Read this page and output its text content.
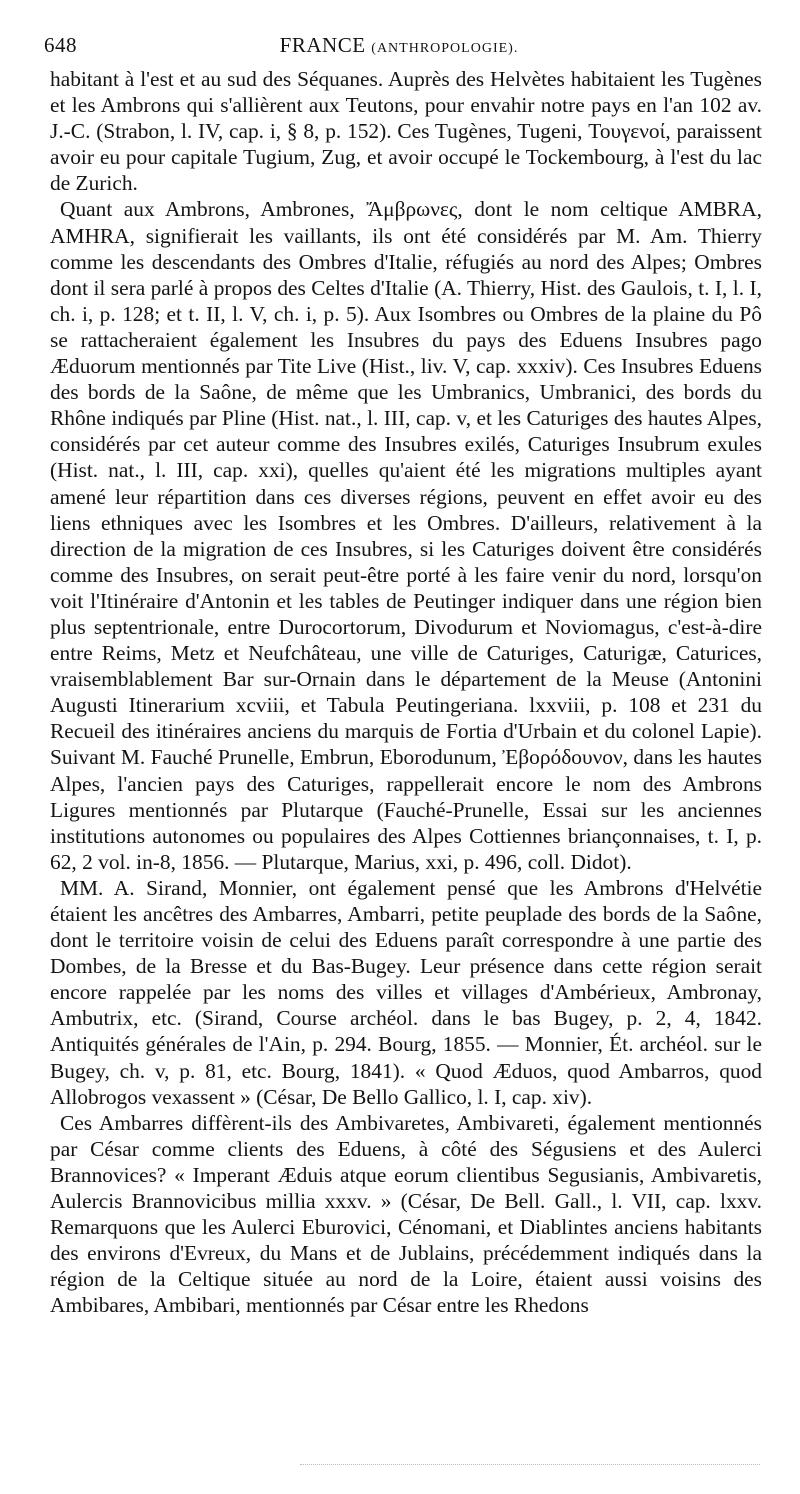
648	FRANCE (ANTHROPOLOGIE).

habitant à l'est et au sud des Séquanes. Auprès des Helvètes habitaient les Tugènes et les Ambrons qui s'allièrent aux Teutons, pour envahir notre pays en l'an 102 av. J.-C. (Strabon, l. IV, cap. i, § 8, p. 152). Ces Tugènes, Tugeni, Τουγενοί, paraissent avoir eu pour capitale Tugium, Zug, et avoir occupé le Tockembourg, à l'est du lac de Zurich.

Quant aux Ambrons, Ambrones, Ἄμβρωνες, dont le nom celtique AMBRA, AMHRA, signifierait les vaillants, ils ont été considérés par M. Am. Thierry comme les descendants des Ombres d'Italie, réfugiés au nord des Alpes; Ombres dont il sera parlé à propos des Celtes d'Italie (A. Thierry, Hist. des Gaulois, t. I, l. I, ch. i, p. 128; et t. II, l. V, ch. i, p. 5). Aux Isombres ou Ombres de la plaine du Pô se rattacheraient également les Insubres du pays des Eduens Insubres pago Æduorum mentionnés par Tite Live (Hist., liv. V, cap. xxxiv). Ces Insubres Eduens des bords de la Saône, de même que les Umbranics, Umbranici, des bords du Rhône indiqués par Pline (Hist. nat., l. III, cap. v, et les Caturiges des hautes Alpes, considérés par cet auteur comme des Insubres exilés, Caturiges Insubrum exules (Hist. nat., l. III, cap. xxi), quelles qu'aient été les migrations multiples ayant amené leur répartition dans ces diverses régions, peuvent en effet avoir eu des liens ethniques avec les Isombres et les Ombres. D'ailleurs, relativement à la direction de la migration de ces Insubres, si les Caturiges doivent être considérés comme des Insubres, on serait peut-être porté à les faire venir du nord, lorsqu'on voit l'Itinéraire d'Antonin et les tables de Peutinger indiquer dans une région bien plus septentrionale, entre Durocortorum, Divodurum et Noviomagus, c'est-à-dire entre Reims, Metz et Neufchâteau, une ville de Caturiges, Caturigæ, Caturices, vraisemblablement Bar sur-Ornain dans le département de la Meuse (Antonini Augusti Itinerarium xcviii, et Tabula Peutingeriana. lxxviii, p. 108 et 231 du Recueil des itinéraires anciens du marquis de Fortia d'Urbain et du colonel Lapie). Suivant M. Fauché Prunelle, Embrun, Eborodunum, Ἐβορόδουνον, dans les hautes Alpes, l'ancien pays des Caturiges, rappellerait encore le nom des Ambrons Ligures mentionnés par Plutarque (Fauché-Prunelle, Essai sur les anciennes institutions autonomes ou populaires des Alpes Cottiennes briançonnaises, t. I, p. 62, 2 vol. in-8, 1856. — Plutarque, Marius, xxi, p. 496, coll. Didot).

MM. A. Sirand, Monnier, ont également pensé que les Ambrons d'Helvétie étaient les ancêtres des Ambarres, Ambarri, petite peuplade des bords de la Saône, dont le territoire voisin de celui des Eduens paraît correspondre à une partie des Dombes, de la Bresse et du Bas-Bugey. Leur présence dans cette région serait encore rappelée par les noms des villes et villages d'Ambérieux, Ambronay, Ambutrix, etc. (Sirand, Course archéol. dans le bas Bugey, p. 2, 4, 1842. Antiquités générales de l'Ain, p. 294. Bourg, 1855. — Monnier, Ét. archéol. sur le Bugey, ch. v, p. 81, etc. Bourg, 1841). « Quod Æduos, quod Ambarros, quod Allobrogos vexassent » (César, De Bello Gallico, l. I, cap. xiv).

Ces Ambarres diffèrent-ils des Ambivaretes, Ambivareti, également mentionnés par César comme clients des Eduens, à côté des Ségusiens et des Aulerci Brannovices? « Imperant Æduis atque eorum clientibus Segusianis, Ambivaretis, Aulercis Brannovicibus millia xxxv. » (César, De Bell. Gall., l. VII, cap. lxxv. Remarquons que les Aulerci Eburovici, Cénomani, et Diablintes anciens habitants des environs d'Evreux, du Mans et de Jublains, précédemment indiqués dans la région de la Celtique située au nord de la Loire, étaient aussi voisins des Ambibares, Ambibari, mentionnés par César entre les Rhedons
